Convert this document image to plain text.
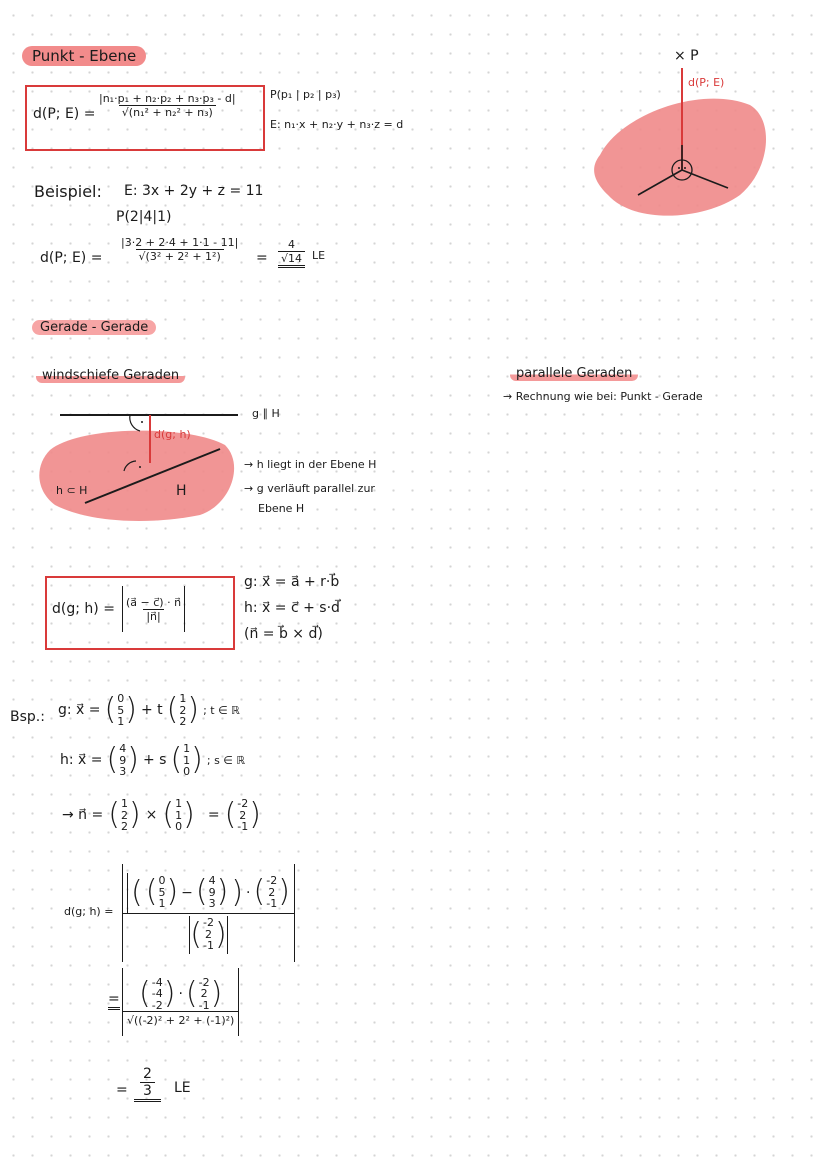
Punkt - Ebene
d(P; $E) = \frac{\text{|n₁·p₁ + n₂·p₂ + n₃·p₃ - d|}}{\text{√(n₁² + n₂² + n₃)}}$	P(p₁ | p₂ | p₃)
E: n₁·x + n₂·y + n₃·z = d
× P
d(P; E)
Beispiel: E: 3x + 2y + z = 11
P(2|4|1)
d(P; $E) = \frac{|3\cdot 2 + 2\cdot 4 + 1\cdot 1 - 11|}{\text{√(3² + 2² + 1²)}} = \frac{4}{√14}$ LE
Gerade - Gerade
windschiefe Geraden	parallele Geraden
→ Rechnung wie bei: Punkt - Gerade
d(g; h)
g ∥ H
h ⊂ H	H
→ h liegt in der Ebene H
→ g verläuft parallel zur
Ebene H
d(g; $h) = \frac{(a⃗ - c⃗) \cdot n⃗}{|n⃗|}$
g: x⃗ = a⃗ + r·b⃗
h: x⃗ = c⃗ + s·d⃗
(n⃗ = b⃗ × d⃗)
Bsp.: g: x⃗ = ( 0
5
1 ) + t ( 1
2
2 ) ; t ∈ ℝ
h: x⃗ = ( 4
9
3 ) + s ( 1
1
0 ) ; s ∈ ℝ
→ n⃗ = ( 1
2
2 ) × ( 1
1
0 ) = ( -2
2
-1 )
d(g; h) =
( ( 0
5
1 ) − ( 4
9
3 ) ) · ( -2
2
-1 )
( -2
2
-1 )
= ( -4
-4
-2 ) · ( -2
2
-1 )
√((-2)² + 2² + (-1)²)
= $\frac{2}{3}$ LE
